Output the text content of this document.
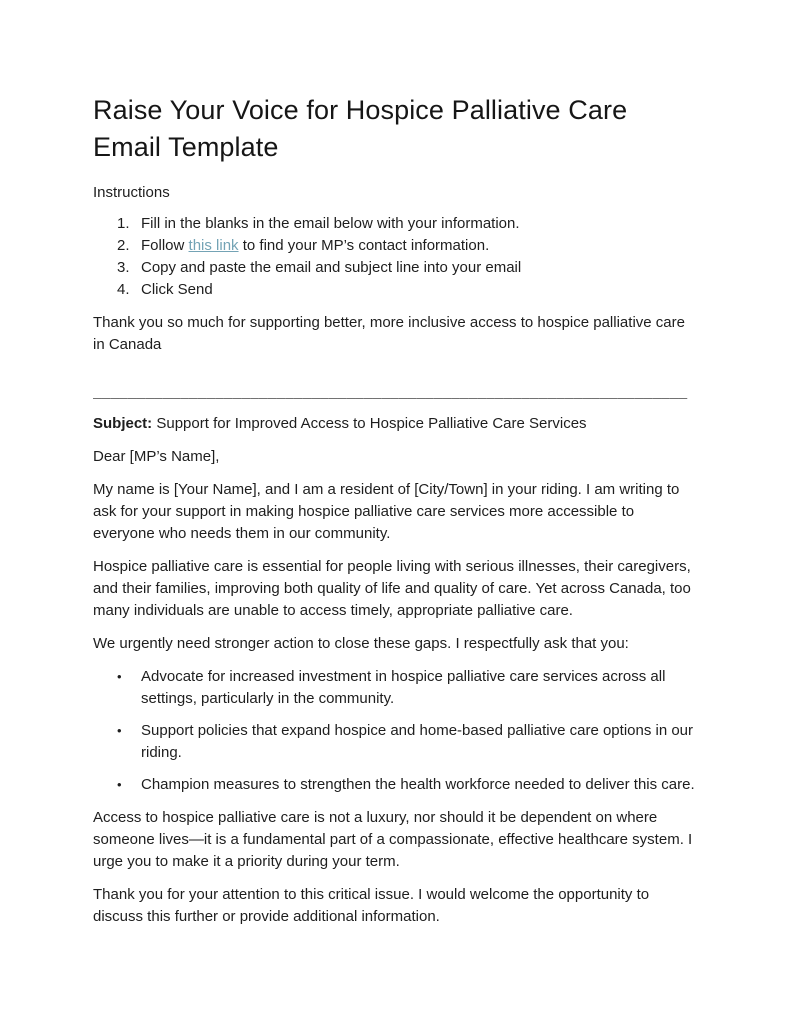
Raise Your Voice for Hospice Palliative Care Email Template

Instructions

1. Fill in the blanks in the email below with your information.
2. Follow this link to find your MP’s contact information.
3. Copy and paste the email and subject line into your email
4. Click Send

Thank you so much for supporting better, more inclusive access to hospice palliative care in Canada

____________________________________________________________________

Subject: Support for Improved Access to Hospice Palliative Care Services

Dear [MP’s Name],

My name is [Your Name], and I am a resident of [City/Town] in your riding. I am writing to ask for your support in making hospice palliative care services more accessible to everyone who needs them in our community.

Hospice palliative care is essential for people living with serious illnesses, their caregivers, and their families, improving both quality of life and quality of care. Yet across Canada, too many individuals are unable to access timely, appropriate palliative care.

We urgently need stronger action to close these gaps. I respectfully ask that you:

•	Advocate for increased investment in hospice palliative care services across all settings, particularly in the community.
•	Support policies that expand hospice and home-based palliative care options in our riding.
•	Champion measures to strengthen the health workforce needed to deliver this care.

Access to hospice palliative care is not a luxury, nor should it be dependent on where someone lives—it is a fundamental part of a compassionate, effective healthcare system. I urge you to make it a priority during your term.

Thank you for your attention to this critical issue. I would welcome the opportunity to discuss this further or provide additional information.
